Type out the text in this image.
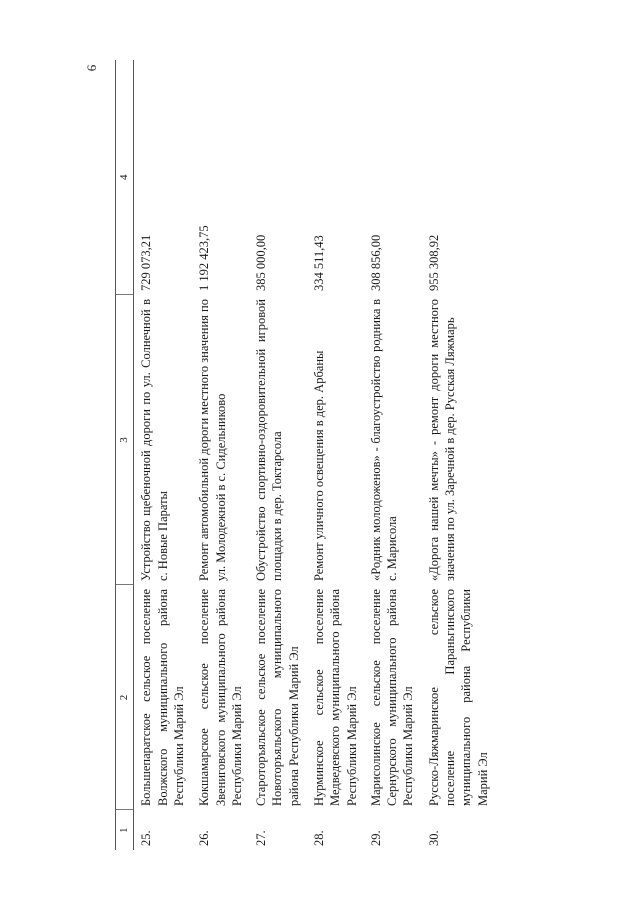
6
1	2	3	4
25.	Большепаратское сельское поселение Волжского муниципального района Республики Марий Эл	Устройство щебеночной дороги по ул. Солнечной в с. Новые Параты	729 073,21
26.	Кокшамарское сельское поселение Звениговского муниципального района Республики Марий Эл	Ремонт автомобильной дороги местного значения по ул. Молодежной в с. Сидельниково	1 192 423,75
27.	Старотoръяльское сельское поселение Новоторъяльского муниципального района Республики Марий Эл	Обустройство спортивно-оздоровительной игровой площадки в дер. Токтарсола	385 000,00
28.	Нурминское сельское поселение Медведевского муниципального района Республики Марий Эл	Ремонт уличного освещения в дер. Арбаны	334 511,43
29.	Марисолинское сельское поселение Сернурского муниципального района Республики Марий Эл	«Родник молодоженов» - благоустройство родника в с. Марисола	308 856,00
30.	Русско-Ляжмаринское сельское поселение Параньгинского муниципального района Республики Марий Эл	«Дорога нашей мечты» - ремонт дороги местного значения по ул. Заречной в дер. Русская Ляжмарь	955 308,92
